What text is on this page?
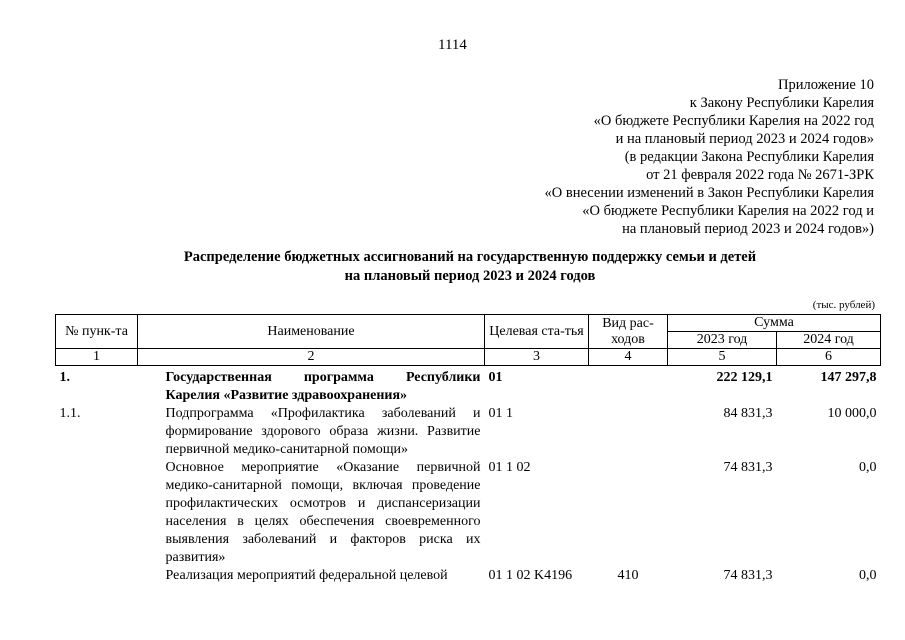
1114
Приложение 10
к Закону Республики Карелия
«О бюджете Республики Карелия на 2022 год
и на плановый период 2023 и 2024 годов»
(в редакции Закона Республики Карелия
от 21 февраля 2022 года № 2671-ЗРК
«О внесении изменений в Закон Республики Карелия
«О бюджете Республики Карелия на 2022 год и
на плановый период 2023 и 2024 годов»)
Распределение бюджетных ассигнований на государственную поддержку семьи и детей
на плановый период 2023 и 2024 годов
(тыс. рублей)
№ пунк-та	Наименование	Целевая ста-тья	Вид рас-ходов	Сумма	
				2023 год	2024 год
1	2	3	4	5	6
1.	Государственная программа Республики Карелия «Развитие здравоохранения»	01		222 129,1	147 297,8
1.1.	Подпрограмма «Профилактика заболеваний и формирование здорового образа жизни. Развитие первичной медико-санитарной помощи»	01 1		84 831,3	10 000,0
	Основное мероприятие «Оказание первичной медико-санитарной помощи, включая проведение профилактических осмотров и диспансеризации населения в целях обеспечения своевременного выявления заболеваний и факторов риска их развития»	01 1 02		74 831,3	0,0
	Реализация мероприятий федеральной целевой	01 1 02 K4196	410	74 831,3	0,0
